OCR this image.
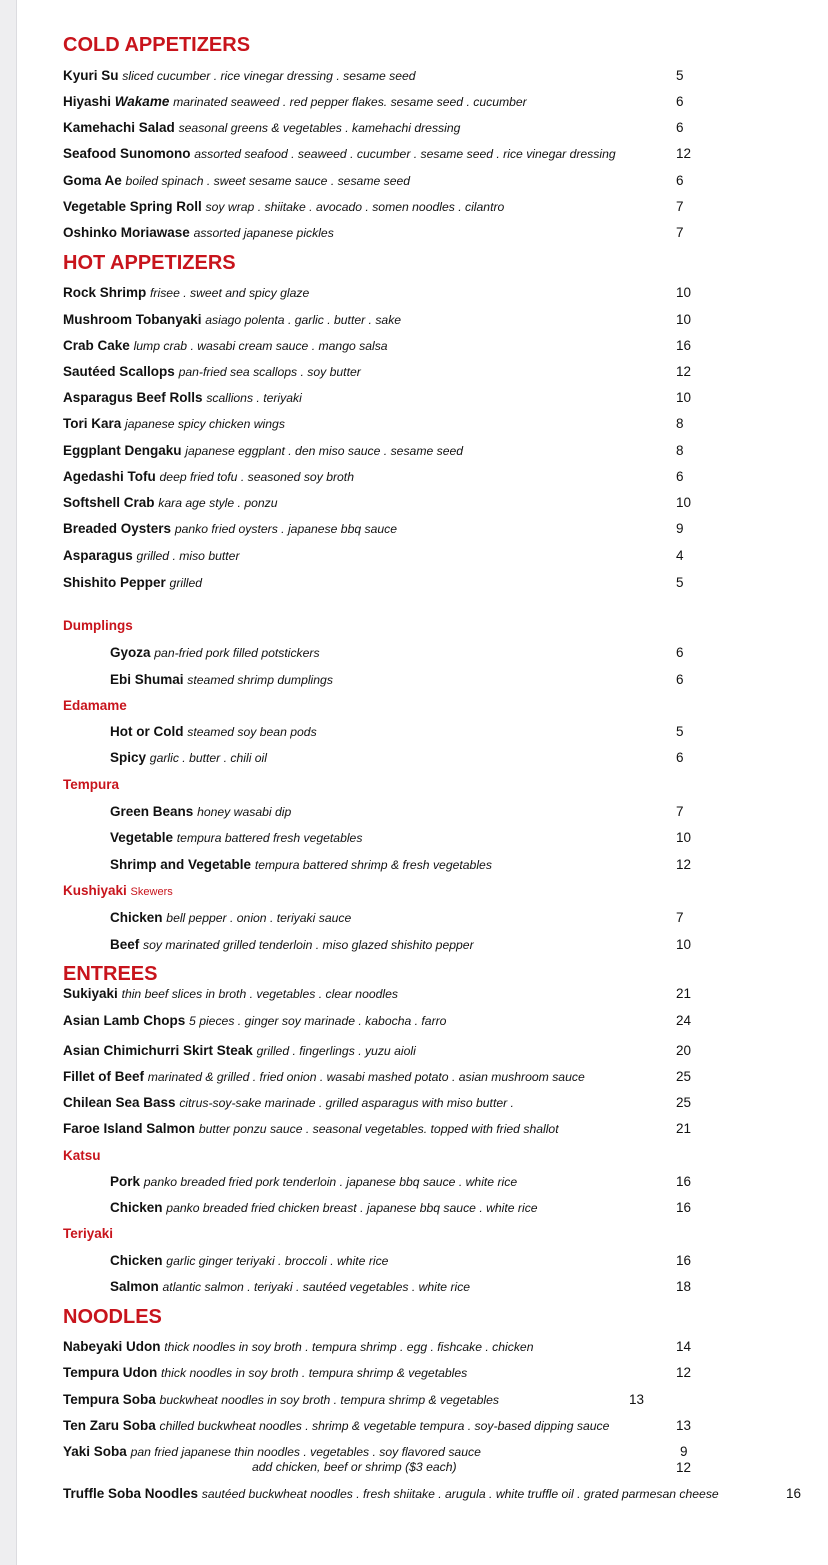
COLD APPETIZERS
Kyuri Su sliced cucumber . rice vinegar dressing . sesame seed	5
Hiyashi Wakame marinated seaweed . red pepper flakes. sesame seed . cucumber	6
Kamehachi Salad seasonal greens & vegetables . kamehachi dressing	6
Seafood Sunomono assorted seafood . seaweed . cucumber . sesame seed . rice vinegar dressing	12
Goma Ae boiled spinach . sweet sesame sauce . sesame seed	6
Vegetable Spring Roll soy wrap . shiitake . avocado . somen noodles . cilantro	7
Oshinko Moriawase assorted japanese pickles	7
HOT APPETIZERS
Rock Shrimp frisee . sweet and spicy glaze	10
Mushroom Tobanyaki asiago polenta . garlic . butter . sake	10
Crab Cake lump crab . wasabi cream sauce . mango salsa	16
Sautéed Scallops pan-fried sea scallops . soy butter	12
Asparagus Beef Rolls scallions . teriyaki	10
Tori Kara japanese spicy chicken wings	8
Eggplant Dengaku japanese eggplant . den miso sauce . sesame seed	8
Agedashi Tofu deep fried tofu . seasoned soy broth	6
Softshell Crab kara age style . ponzu	10
Breaded Oysters panko fried oysters . japanese bbq sauce	9
Asparagus grilled . miso butter	4
Shishito Pepper grilled	5
Dumplings
Gyoza pan-fried pork filled potstickers	6
Ebi Shumai steamed shrimp dumplings	6
Edamame
Hot or Cold steamed soy bean pods	5
Spicy garlic . butter . chili oil	6
Tempura
Green Beans honey wasabi dip	7
Vegetable tempura battered fresh vegetables	10
Shrimp and Vegetable tempura battered shrimp & fresh vegetables	12
Kushiyaki Skewers
Chicken bell pepper . onion . teriyaki sauce	7
Beef soy marinated grilled tenderloin . miso glazed shishito pepper	10
ENTREES
Sukiyaki thin beef slices in broth . vegetables . clear noodles	21
Asian Lamb Chops 5 pieces . ginger soy marinade . kabocha . farro	24
Asian Chimichurri Skirt Steak grilled . fingerlings . yuzu aioli	20
Fillet of Beef marinated & grilled . fried onion . wasabi mashed potato . asian mushroom sauce	25
Chilean Sea Bass citrus-soy-sake marinade . grilled asparagus with miso butter .	25
Faroe Island Salmon butter ponzu sauce . seasonal vegetables. topped with fried shallot	21
Katsu
Pork panko breaded fried pork tenderloin . japanese bbq sauce . white rice	16
Chicken panko breaded fried chicken breast . japanese bbq sauce . white rice	16
Teriyaki
Chicken garlic ginger teriyaki . broccoli . white rice	16
Salmon atlantic salmon . teriyaki . sautéed vegetables . white rice	18
NOODLES
Nabeyaki Udon thick noodles in soy broth . tempura shrimp . egg . fishcake . chicken	14
Tempura Udon thick noodles in soy broth . tempura shrimp & vegetables	12
Tempura Soba buckwheat noodles in soy broth . tempura shrimp & vegetables	13
Ten Zaru Soba chilled buckwheat noodles . shrimp & vegetable tempura . soy-based dipping sauce	13
Yaki Soba pan fried japanese thin noodles . vegetables . soy flavored sauce	9
add chicken, beef or shrimp ($3 each)	12
Truffle Soba Noodles sautéed buckwheat noodles . fresh shiitake . arugula . white truffle oil . grated parmesan cheese	16
